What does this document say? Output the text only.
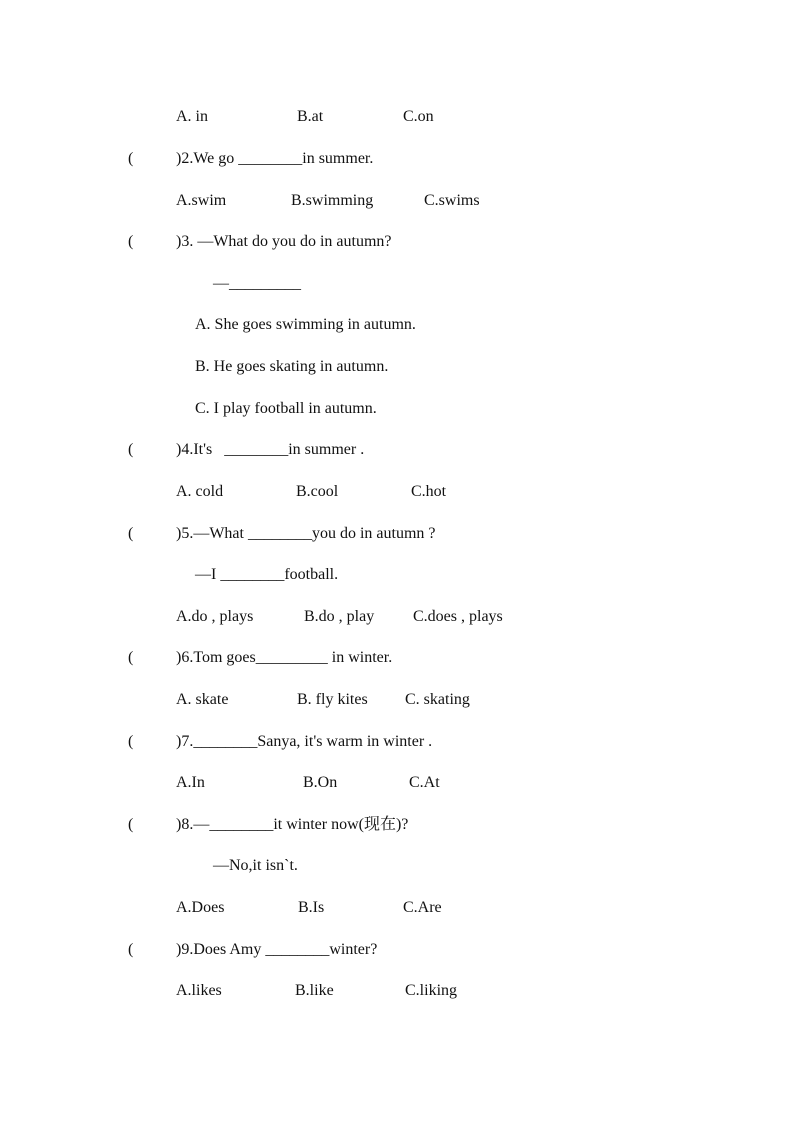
A. in	B.at	C.on
(	)2.We go ________in summer.
A.swim	B.swimming	C.swims
(	)3. —What do you do in autumn?
—_________
A. She goes swimming in autumn.
B. He goes skating in autumn.
C. I play football in autumn.
(	)4.It's   ________in summer .
A. cold	B.cool	C.hot
(	)5.—What ________you do in autumn ?
—I ________football.
A.do , plays	B.do , play C.does , plays
(	)6.Tom goes_________ in winter.
A. skate	B. fly kites C. skating
(	)7.________Sanya, it's warm in winter .
A.In	B.On	C.At
(	)8.—________it winter now(现在)?
—No,it isn`t.
A.Does	B.Is	C.Are
(	)9.Does Amy ________winter?
A.likes	B.like	C.liking
